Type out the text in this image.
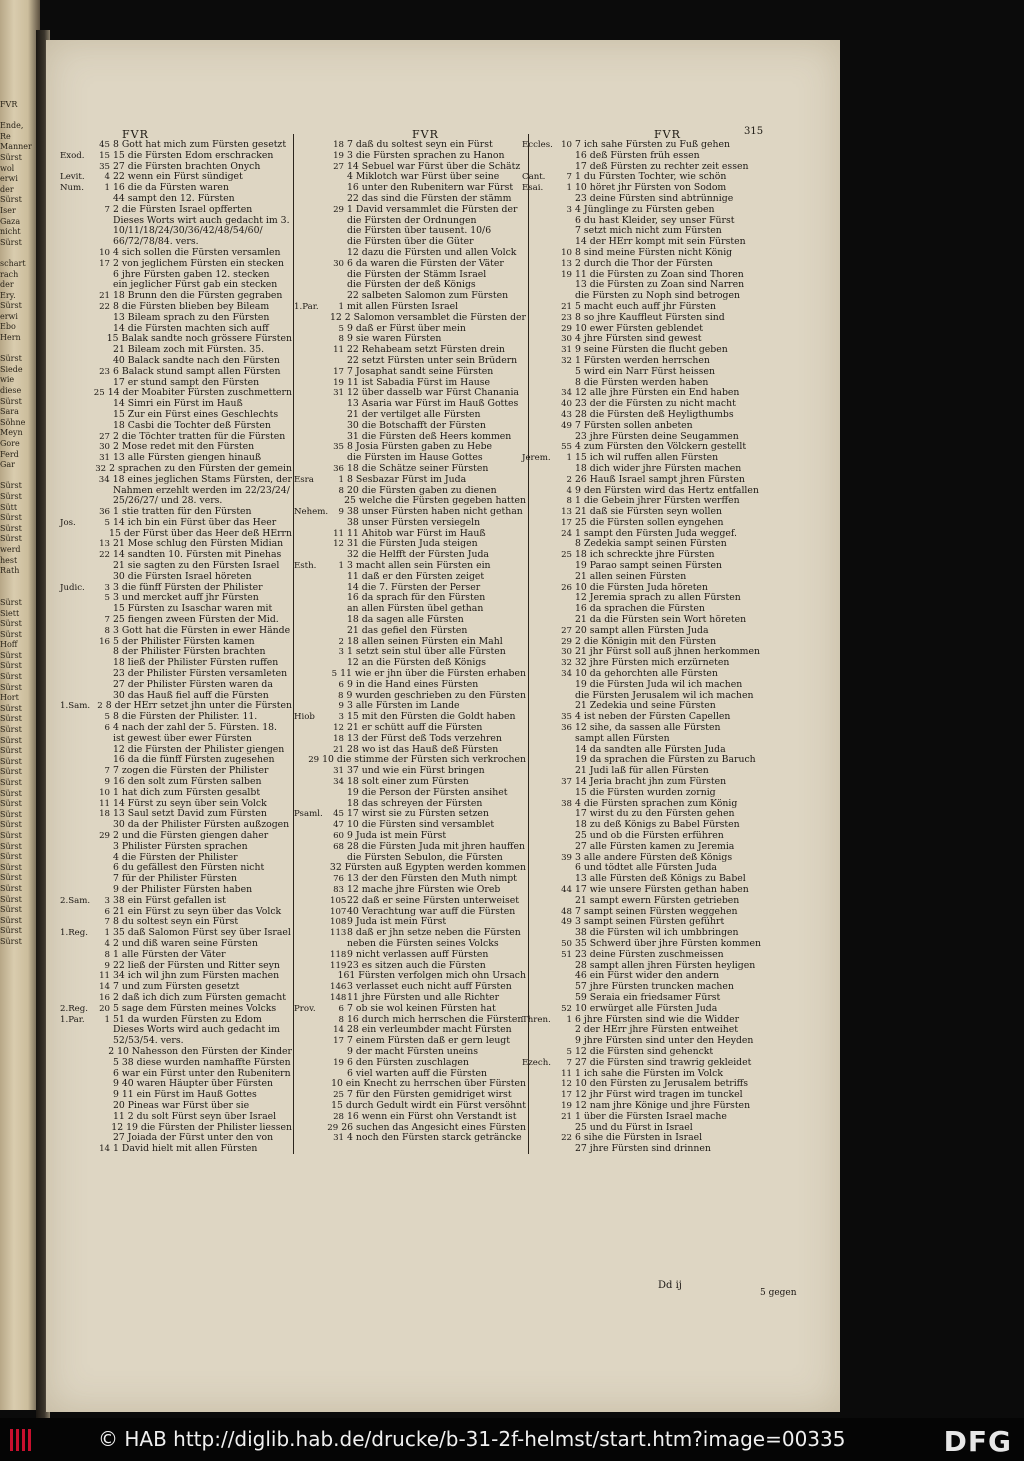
FVR

Ende,
Re
Manner
Sürst
wol
erwi
der
Sürst
Iser
Gaza
nicht
Sürst

schart
rach
der
Ery.
Sürst
erwi
Ebo
Hern

Sürst
Siede
wie
diese
Sürst
Sara
Söhne
Meyn
Gore
Ferd
Gar

Sürst
Sürst
Sütt
Sürst
Sürst
Sürst
werd
hest
Rath

Sürst
Siett
Sürst
Sürst
Hoff
Sürst
Sürst
Sürst
Sürst
Hort
Sürst
Sürst
Sürst
Sürst
Sürst
Sürst
Sürst
Sürst
Sürst
Sürst
Sürst
Sürst
Sürst
Sürst
Sürst
Sürst
Sürst
Sürst
Sürst
Sürst
Sürst
Sürst
Sürst
FVR	FVR	FVR	315
45 8 Gott hat mich zum Fürsten gesetzt
Exod.	15 15 die Fürsten Edom erschracken
35 27 die Fürsten brachten Onych
Levit.	4 22 wenn ein Fürst sündiget
Num.	1 16 die da Fürsten waren
44 sampt den 12. Fürsten
7 2 die Fürsten Israel opfferten
Dieses Worts wirt auch gedacht im 3.
10/11/18/24/30/36/42/48/54/60/
66/72/78/84. vers.
10 4 sich sollen die Fürsten versamlen
17 2 von jeglichem Fürsten ein stecken
6 jhre Fürsten gaben 12. stecken
ein jeglicher Fürst gab ein stecken
21 18 Brunn den die Fürsten gegraben
22 8 die Fürsten blieben bey Bileam
13 Bileam sprach zu den Fürsten
14 die Fürsten machten sich auff
15 Balak sandte noch grössere Fürsten
21 Bileam zoch mit Fürsten. 35.
40 Balack sandte nach den Fürsten
23 6 Balack stund sampt allen Fürsten
17 er stund sampt den Fürsten
25 14 der Moabiter Fürsten zuschmettern
14 Simri ein Fürst im Hauß
15 Zur ein Fürst eines Geschlechts
18 Casbi die Tochter deß Fürsten
27 2 die Töchter tratten für die Fürsten
30 2 Mose redet mit den Fürsten
31 13 alle Fürsten giengen hinauß
32 2 sprachen zu den Fürsten der gemein
34 18 eines jeglichen Stams Fürsten, der
Nahmen erzehlt werden im 22/23/24/
25/26/27/ und 28. vers.
36 1 stie tratten für den Fürsten
Jos.	5 14 ich bin ein Fürst über das Heer
15 der Fürst über das Heer deß HErrn
13 21 Mose schlug den Fürsten Midian
22 14 sandten 10. Fürsten mit Pinehas
21 sie sagten zu den Fürsten Israel
30 die Fürsten Israel höreten
Judic.	3 3 die fünff Fürsten der Philister
5 3 und mercket auff jhr Fürsten
15 Fürsten zu Isaschar waren mit
7 25 fiengen zween Fürsten der Mid.
8 3 Gott hat die Fürsten in ewer Hände
16 5 der Philister Fürsten kamen
8 der Philister Fürsten brachten
18 ließ der Philister Fürsten ruffen
23 der Philister Fürsten versamleten
27 der Philister Fürsten waren da
30 das Hauß fiel auff die Fürsten
1.Sam. 2 8 der HErr setzet jhn unter die Fürsten
5 8 die Fürsten der Philister. 11.
6 4 nach der zahl der 5. Fürsten. 18.
ist gewest über ewer Fürsten
12 die Fürsten der Philister giengen
16 da die fünff Fürsten zugesehen
7 7 zogen die Fürsten der Philister
9 16 den solt zum Fürsten salben
10 1 hat dich zum Fürsten gesalbt
11 14 Fürst zu seyn über sein Volck
18 13 Saul setzt David zum Fürsten
30 da der Philister Fürsten außzogen
29 2 und die Fürsten giengen daher
3 Philister Fürsten sprachen
4 die Fürsten der Philister
6 du gefällest den Fürsten nicht
7 für der Philister Fürsten
9 der Philister Fürsten haben
2.Sam.	3 38 ein Fürst gefallen ist
6 21 ein Fürst zu seyn über das Volck
7 8 du soltest seyn ein Fürst
1.Reg.	1 35 daß Salomon Fürst sey über Israel
4 2 und diß waren seine Fürsten
8 1 alle Fürsten der Väter
9 22 ließ der Fürsten und Ritter seyn
11 34 ich wil jhn zum Fürsten machen
14 7 und zum Fürsten gesetzt
16 2 daß ich dich zum Fürsten gemacht
2.Reg.	20 5 sage dem Fürsten meines Volcks
1.Par.	1 51 da wurden Fürsten zu Edom
Dieses Worts wird auch gedacht im
52/53/54. vers.
2 10 Nahesson den Fürsten der Kinder
5 38 diese wurden namhaffte Fürsten
6 war ein Fürst unter den Rubenitern
9 40 waren Häupter über Fürsten
9 11 ein Fürst im Hauß Gottes
20 Pineas war Fürst über sie
11 2 du solt Fürst seyn über Israel
12 19 die Fürsten der Philister liessen
27 Joiada der Fürst unter den von
14 1 David hielt mit allen Fürsten
18 7 daß du soltest seyn ein Fürst
19 3 die Fürsten sprachen zu Hanon
27 14 Sebuel war Fürst über die Schätz
4 Miklotch war Fürst über seine
16 unter den Rubenitern war Fürst
22 das sind die Fürsten der stämm
29 1 David versammlet die Fürsten der
die Fürsten der Ordnungen
die Fürsten über tausent. 10/6
die Fürsten über die Güter
12 dazu die Fürsten und allen Volck
30 6 da waren die Fürsten der Väter
die Fürsten der Stämm Israel
die Fürsten der deß Königs
22 salbeten Salomon zum Fürsten
1.Par.	1 mit allen Fürsten Israel
12 2 Salomon versamblet die Fürsten der
5 9 daß er Fürst über mein
8 9 sie waren Fürsten
11 22 Rehabeam setzt Fürsten drein
22 setzt Fürsten unter sein Brüdern
17 7 Josaphat sandt seine Fürsten
19 11 ist Sabadia Fürst im Hause
31 12 über dasselb war Fürst Chanania
13 Asaria war Fürst im Hauß Gottes
21 der vertilget alle Fürsten
30 die Botschafft der Fürsten
31 die Fürsten deß Heers kommen
35 8 Josia Fürsten gaben zu Hebe
die Fürsten im Hause Gottes
36 18 die Schätze seiner Fürsten
Esra	1 8 Sesbazar Fürst im Juda
8 20 die Fürsten gaben zu dienen
25 welche die Fürsten gegeben hatten
Nehem.	9 38 unser Fürsten haben nicht gethan
38 unser Fürsten versiegeln
11 11 Ahitob war Fürst im Hauß
12 31 die Fürsten Juda steigen
32 die Helfft der Fürsten Juda
Esth.	1 3 macht allen sein Fürsten ein
11 daß er den Fürsten zeiget
14 die 7. Fürsten der Perser
16 da sprach für den Fürsten
an allen Fürsten übel gethan
18 da sagen alle Fürsten
21 das gefiel den Fürsten
2 18 allen seinen Fürsten ein Mahl
3 1 setzt sein stul über alle Fürsten
12 an die Fürsten deß Königs
5 11 wie er jhn über die Fürsten erhaben
6 9 in die Hand eines Fürsten
8 9 wurden geschrieben zu den Fürsten
9 3 alle Fürsten im Lande
Hiob	3 15 mit den Fürsten die Goldt haben
12 21 er schütt auff die Fürsten
18 13 der Fürst deß Tods verzehren
21 28 wo ist das Hauß deß Fürsten
29 10 die stimme der Fürsten sich verkrochen
31 37 und wie ein Fürst bringen
34 18 solt einer zum Fürsten
19 die Person der Fürsten ansihet
18 das schreyen der Fürsten
Psaml.	45 17 wirst sie zu Fürsten setzen
47 10 die Fürsten sind versamblet
60 9 Juda ist mein Fürst
68 28 die Fürsten Juda mit jhren hauffen
die Fürsten Sebulon, die Fürsten
32 Fürsten auß Egypten werden kommen
76 13 der den Fürsten den Muth nimpt
83 12 mache jhre Fürsten wie Oreb
105 22 daß er seine Fürsten unterweiset
107 40 Verachtung war auff die Fürsten
108 9 Juda ist mein Fürst
113 8 daß er jhn setze neben die Fürsten
neben die Fürsten seines Volcks
118 9 nicht verlassen auff Fürsten
119 23 es sitzen auch die Fürsten
161 Fürsten verfolgen mich ohn Ursach
146 3 verlasset euch nicht auff Fürsten
148 11 jhre Fürsten und alle Richter
Prov.	6 7 ob sie wol keinen Fürsten hat
8 16 durch mich herrschen die Fürsten
14 28 ein verleumbder macht Fürsten
17 7 einem Fürsten daß er gern leugt
9 der macht Fürsten uneins
19 6 den Fürsten zuschlagen
6 viel warten auff die Fürsten
10 ein Knecht zu herrschen über Fürsten
25 7 für den Fürsten gemidriget wirst
15 durch Gedult wirdt ein Fürst versöhnt
28 16 wenn ein Fürst ohn Verstandt ist
29 26 suchen das Angesicht eines Fürsten
31 4 noch den Fürsten starck geträncke
Eccles. 10 7 ich sahe Fürsten zu Fuß gehen
16 deß Fürsten früh essen
17 deß Fürsten zu rechter zeit essen
Cant.	7 1 du Fürsten Tochter, wie schön
Esai.	1 10 höret jhr Fürsten von Sodom
23 deine Fürsten sind abtrünnige
3 4 Jünglinge zu Fürsten geben
6 du hast Kleider, sey unser Fürst
7 setzt mich nicht zum Fürsten
14 der HErr kompt mit sein Fürsten
10 8 sind meine Fürsten nicht König
13 2 durch die Thor der Fürsten
19 11 die Fürsten zu Zoan sind Thoren
13 die Fürsten zu Zoan sind Narren
die Fürsten zu Noph sind betrogen
21 5 macht euch auff jhr Fürsten
23 8 so jhre Kauffleut Fürsten sind
29 10 ewer Fürsten geblendet
30 4 jhre Fürsten sind gewest
31 9 seine Fürsten die flucht geben
32 1 Fürsten werden herrschen
5 wird ein Narr Fürst heissen
8 die Fürsten werden haben
34 12 alle jhre Fürsten ein End haben
40 23 der die Fürsten zu nicht macht
43 28 die Fürsten deß Heyligthumbs
49 7 Fürsten sollen anbeten
23 jhre Fürsten deine Seugammen
55 4 zum Fürsten den Völckern gestellt
Jerem.	1 15 ich wil ruffen allen Fürsten
18 dich wider jhre Fürsten machen
2 26 Hauß Israel sampt jhren Fürsten
4 9 den Fürsten wird das Hertz entfallen
8 1 die Gebein jhrer Fürsten werffen
13 21 daß sie Fürsten seyn wollen
17 25 die Fürsten sollen eyngehen
24 1 sampt den Fürsten Juda weggef.
8 Zedekia sampt seinen Fürsten
25 18 ich schreckte jhre Fürsten
19 Parao sampt seinen Fürsten
21 allen seinen Fürsten
26 10 die Fürsten Juda höreten
12 Jeremia sprach zu allen Fürsten
16 da sprachen die Fürsten
21 da die Fürsten sein Wort höreten
27 20 sampt allen Fürsten Juda
29 2 die Königin mit den Fürsten
30 21 jhr Fürst soll auß jhnen herkommen
32 32 jhre Fürsten mich erzürneten
34 10 da gehorchten alle Fürsten
19 die Fürsten Juda wil ich machen
die Fürsten Jerusalem wil ich machen
21 Zedekia und seine Fürsten
35 4 ist neben der Fürsten Capellen
36 12 sihe, da sassen alle Fürsten
sampt allen Fürsten
14 da sandten alle Fürsten Juda
19 da sprachen die Fürsten zu Baruch
21 Judi laß für allen Fürsten
37 14 Jeria bracht jhn zum Fürsten
15 die Fürsten wurden zornig
38 4 die Fürsten sprachen zum König
17 wirst du zu den Fürsten gehen
18 zu deß Königs zu Babel Fürsten
25 und ob die Fürsten erführen
27 alle Fürsten kamen zu Jeremia
39 3 alle andere Fürsten deß Königs
6 und tödtet alle Fürsten Juda
13 alle Fürsten deß Königs zu Babel
44 17 wie unsere Fürsten gethan haben
21 sampt ewern Fürsten getrieben
48 7 sampt seinen Fürsten weggehen
49 3 sampt seinen Fürsten geführt
38 die Fürsten wil ich umbbringen
50 35 Schwerd über jhre Fürsten kommen
51 23 deine Fürsten zuschmeissen
28 sampt allen jhren Fürsten heyligen
46 ein Fürst wider den andern
57 jhre Fürsten truncken machen
59 Seraia ein friedsamer Fürst
52 10 erwürget alle Fürsten Juda
Thren.	1 6 jhre Fürsten sind wie die Widder
2 der HErr jhre Fürsten entweihet
9 jhre Fürsten sind unter den Heyden
5 12 die Fürsten sind gehenckt
Ezech.	7 27 die Fürsten sind trawrig gekleidet
11 1 ich sahe die Fürsten im Volck
12 10 den Fürsten zu Jerusalem betriffs
17 12 jhr Fürst wird tragen im tunckel
19 12 nam jhre Könige und jhre Fürsten
21 1 über die Fürsten Israel mache
25 und du Fürst in Israel
22 6 sihe die Fürsten in Israel
27 jhre Fürsten sind drinnen
Dd ij
5 gegen
© HAB http://diglib.hab.de/drucke/b-31-2f-helmst/start.htm?image=00335	DFG
